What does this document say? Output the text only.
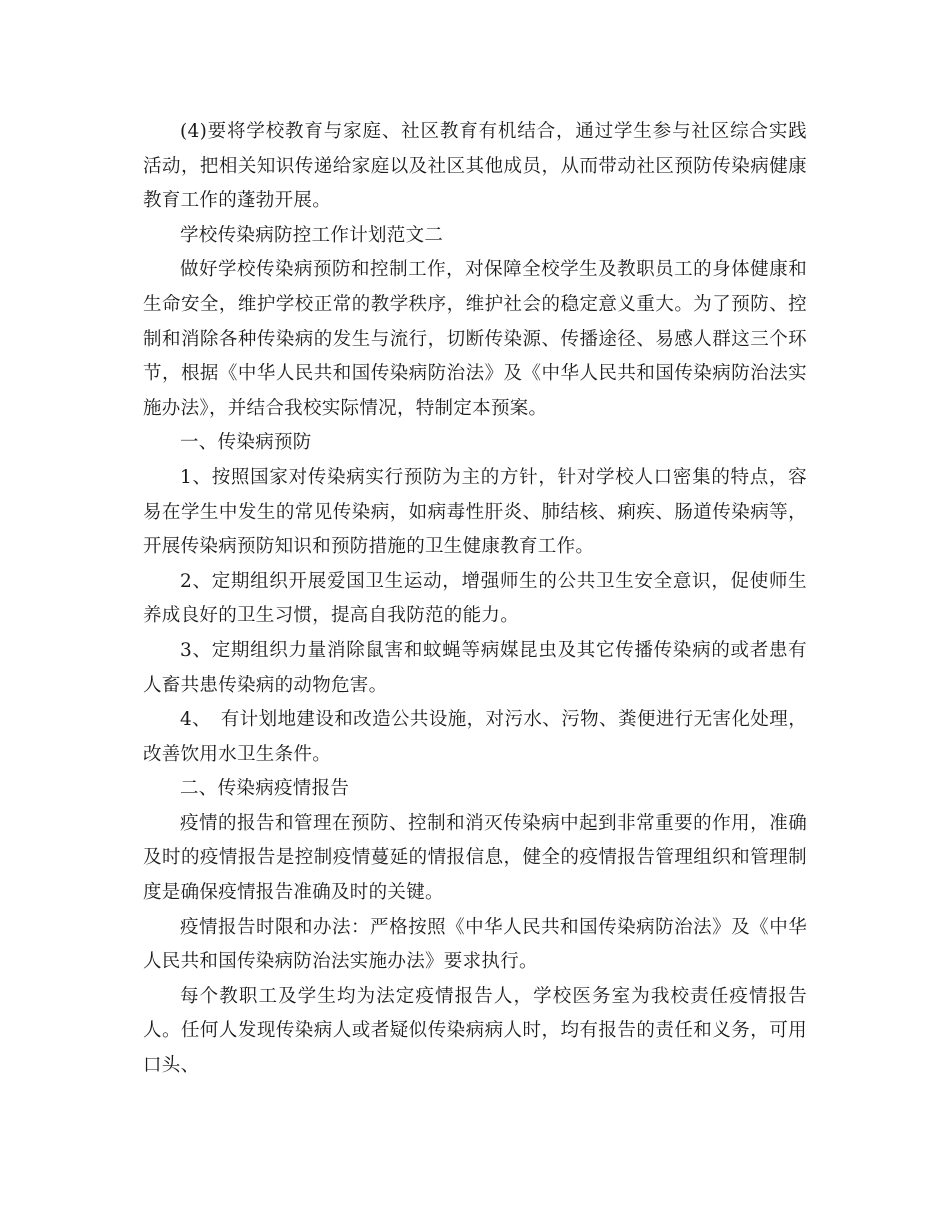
(4)要将学校教育与家庭、社区教育有机结合，通过学生参与社区综合实践活动，把相关知识传递给家庭以及社区其他成员，从而带动社区预防传染病健康教育工作的蓬勃开展。

学校传染病防控工作计划范文二

做好学校传染病预防和控制工作，对保障全校学生及教职员工的身体健康和生命安全，维护学校正常的教学秩序，维护社会的稳定意义重大。为了预防、控制和消除各种传染病的发生与流行，切断传染源、传播途径、易感人群这三个环节，根据《中华人民共和国传染病防治法》及《中华人民共和国传染病防治法实施办法》，并结合我校实际情况，特制定本预案。

一、传染病预防

1、按照国家对传染病实行预防为主的方针，针对学校人口密集的特点，容易在学生中发生的常见传染病，如病毒性肝炎、肺结核、痢疾、肠道传染病等，开展传染病预防知识和预防措施的卫生健康教育工作。

2、定期组织开展爱国卫生运动，增强师生的公共卫生安全意识，促使师生养成良好的卫生习惯，提高自我防范的能力。

3、定期组织力量消除鼠害和蚊蝇等病媒昆虫及其它传播传染病的或者患有人畜共患传染病的动物危害。

4、　有计划地建设和改造公共设施，对污水、污物、粪便进行无害化处理，改善饮用水卫生条件。

二、传染病疫情报告

疫情的报告和管理在预防、控制和消灭传染病中起到非常重要的作用，准确及时的疫情报告是控制疫情蔓延的情报信息，健全的疫情报告管理组织和管理制度是确保疫情报告准确及时的关键。

疫情报告时限和办法：严格按照《中华人民共和国传染病防治法》及《中华人民共和国传染病防治法实施办法》要求执行。

每个教职工及学生均为法定疫情报告人，学校医务室为我校责任疫情报告人。任何人发现传染病人或者疑似传染病病人时，均有报告的责任和义务，可用口头、
